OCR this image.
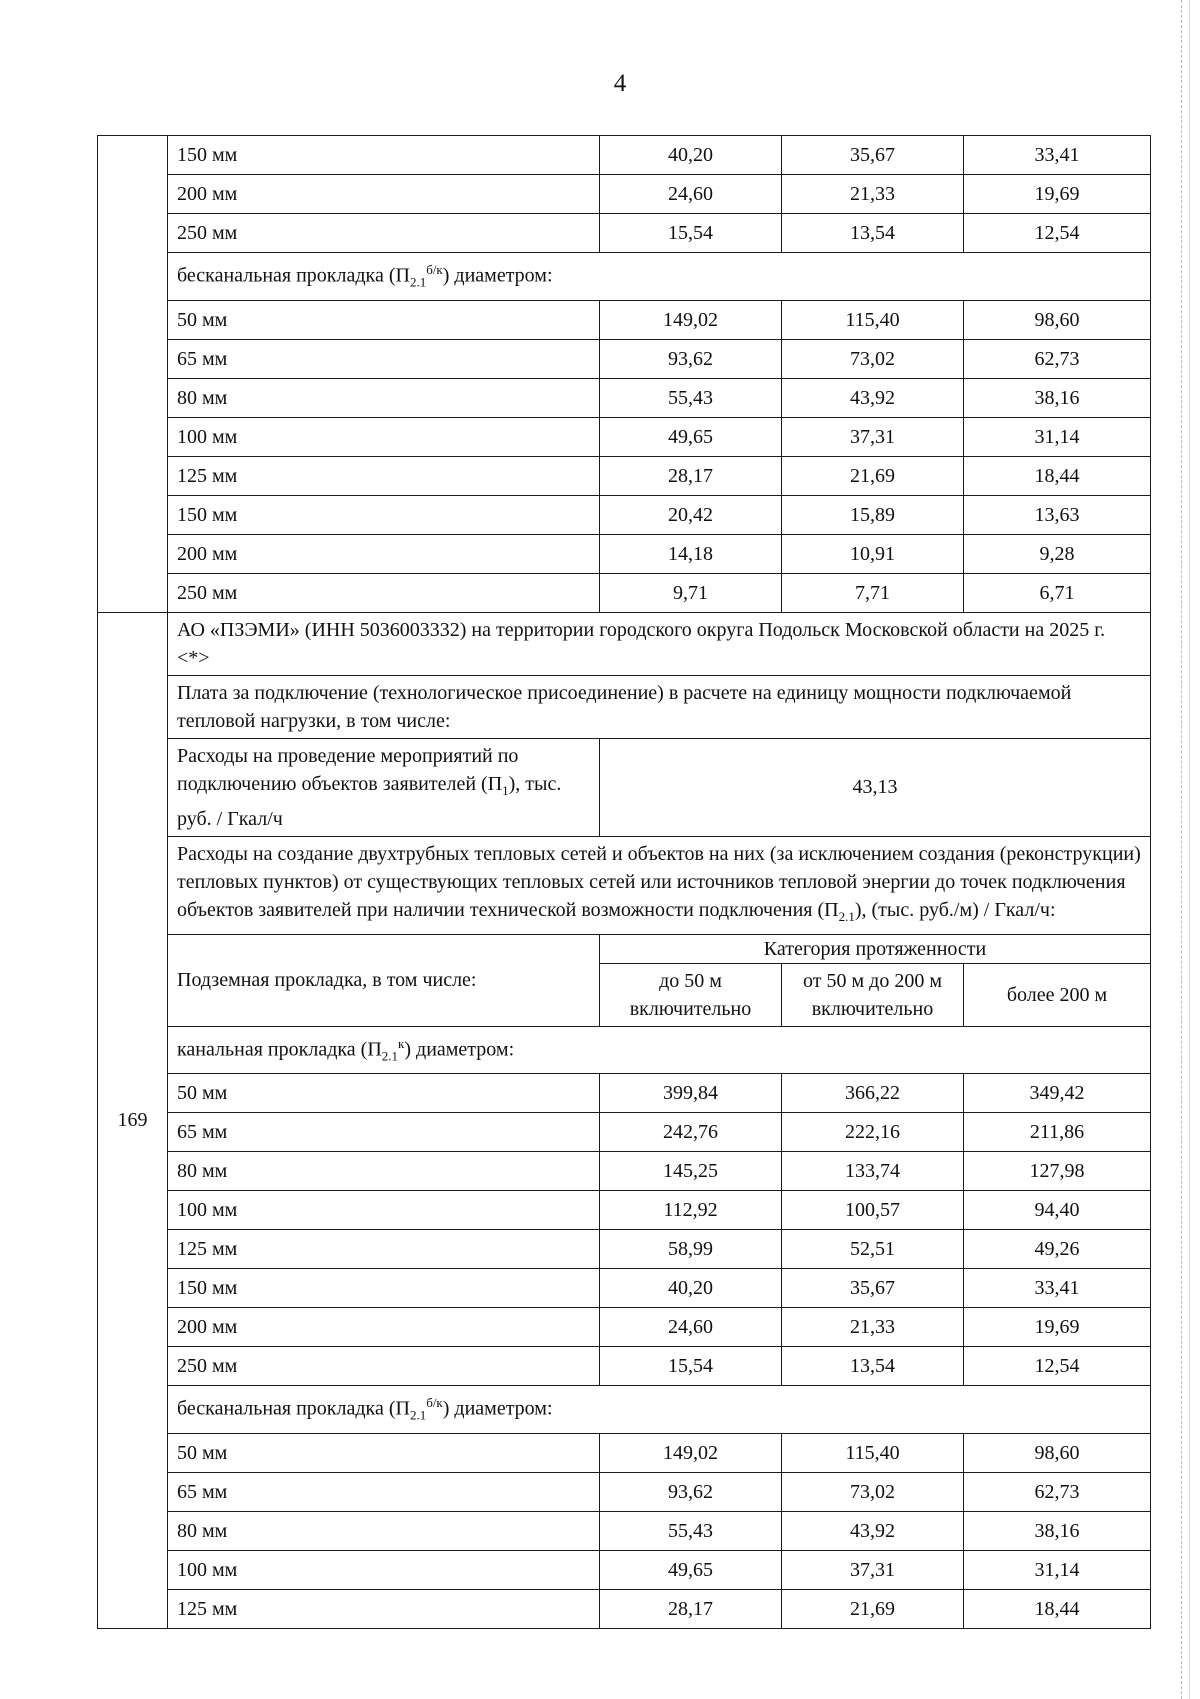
4
	150 мм	40,20	35,67	33,41
	200 мм	24,60	21,33	19,69
	250 мм	15,54	13,54	12,54
	бесканальная прокладка $(П_{2.1}^{б/к})$ диаметром:			
	50 мм	149,02	115,40	98,60
	65 мм	93,62	73,02	62,73
	80 мм	55,43	43,92	38,16
	100 мм	49,65	37,31	31,14
	125 мм	28,17	21,69	18,44
	150 мм	20,42	15,89	13,63
	200 мм	14,18	10,91	9,28
	250 мм	9,71	7,71	6,71
169	АО «ПЗЭМИ» (ИНН 5036003332) на территории городского округа Подольск Московской области на 2025 г. <*>			
	Плата за подключение (технологическое присоединение) в расчете на единицу мощности подключаемой тепловой нагрузки, в том числе:			
	Расходы на проведение мероприятий по подключению объектов заявителей $(П_1)$, тыс. руб. / Гкал/ч	43,13		
	Расходы на создание двухтрубных тепловых сетей и объектов на них (за исключением создания (реконструкции) тепловых пунктов) от существующих тепловых сетей или источников тепловой энергии до точек подключения объектов заявителей при наличии технической возможности подключения $(П_{2.1})$, (тыс. руб./м) / Гкал/ч:			
	Подземная прокладка, в том числе:	Категория протяженности		
		до 50 м включительно	от 50 м до 200 м включительно	более 200 м
	канальная прокладка $(П_{2.1}^к)$ диаметром:			
	50 мм	399,84	366,22	349,42
	65 мм	242,76	222,16	211,86
	80 мм	145,25	133,74	127,98
	100 мм	112,92	100,57	94,40
	125 мм	58,99	52,51	49,26
	150 мм	40,20	35,67	33,41
	200 мм	24,60	21,33	19,69
	250 мм	15,54	13,54	12,54
	бесканальная прокладка $(П_{2.1}^{б/к})$ диаметром:			
	50 мм	149,02	115,40	98,60
	65 мм	93,62	73,02	62,73
	80 мм	55,43	43,92	38,16
	100 мм	49,65	37,31	31,14
	125 мм	28,17	21,69	18,44
